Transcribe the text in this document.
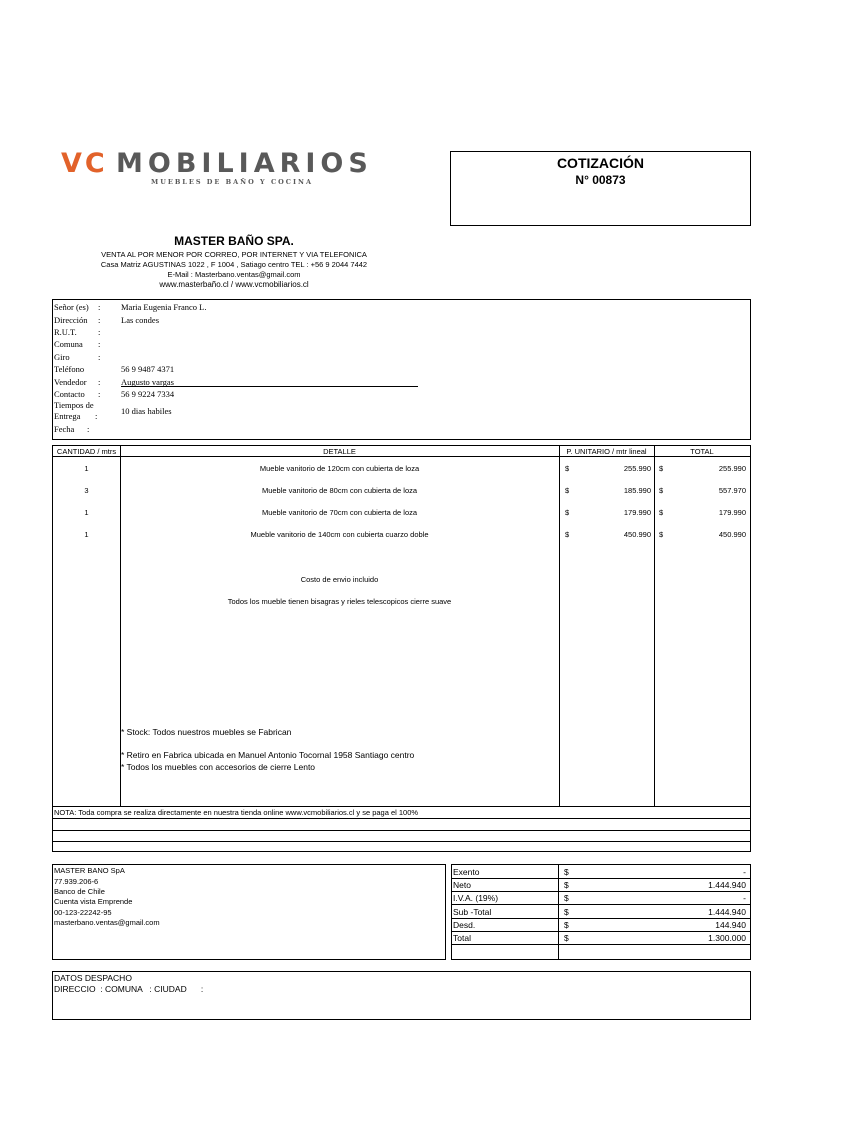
VC MOBILIARIOS
MUEBLES DE BAÑO Y COCINA
COTIZACIÓN
N° 00873
MASTER BAÑO SPA.
VENTA AL POR MENOR POR CORREO, POR INTERNET Y VIA TELEFONICA
Casa Matriz AGUSTINAS 1022 , F 1004 , Satiago centro TEL : +56 9 2044 7442
E-Mail : Masterbano.ventas@gmail.com
www.masterbaño.cl / www.vcmobiliarios.cl
Señor (es) : Maria Eugenia Franco L.
Dirección : Las condes
R.U.T.	:
Comuna :
Giro	:
Teléfono	56 9 9487 4371
Vendedor : Augusto vargas
Contacto : 56 9 9224 7334
Tiempos de
Entrega :	10 dias habiles
Fecha :
CANTIDAD / mtrs	DETALLE	P. UNITARIO / mtr lineal	TOTAL
1	Mueble vanitorio de 120cm con cubierta de loza	$	255.990 $	255.990
3	Mueble vanitorio de 80cm con cubierta de loza	$	185.990 $	557.970
1	Mueble vanitorio de 70cm con cubierta de loza	$	179.990 $	179.990
1	Mueble vanitorio de 140cm con cubierta cuarzo doble	$	450.990 $	450.990
Costo de envio incluido
Todos los mueble tienen bisagras y rieles telescopicos cierre suave
* Stock: Todos nuestros muebles se Fabrican
* Retiro en Fabrica ubicada en Manuel Antonio Tocornal 1958 Santiago centro
* Todos los muebles con accesorios de cierre Lento
NOTA: Toda compra se realiza directamente en nuestra tienda online www.vcmobiliarios.cl y se paga el 100%
MASTER BANO SpA
77.939.206-6
Banco de Chile
Cuenta vista Emprende
00-123-22242-95
masterbano.ventas@gmail.com
Exento	$	-
Neto	$	1.444.940
I.V.A. (19%)	$	-
Sub -Total	$	1.444.940
Desd.	$	144.940
Total	$	1.300.000
DATOS DESPACHO
DIRECCIO  : COMUNA   : CIUDAD      :
